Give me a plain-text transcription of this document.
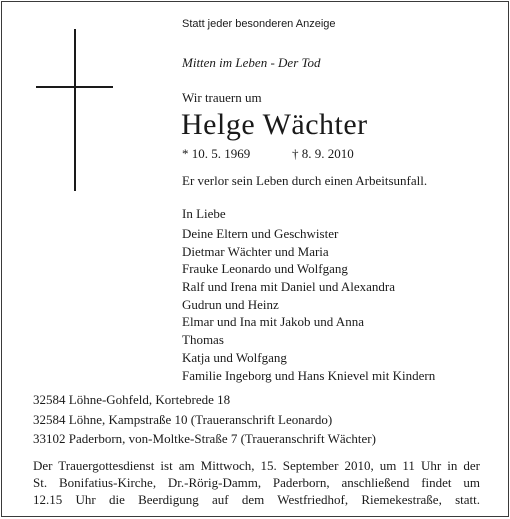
Statt jeder besonderen Anzeige
Mitten im Leben - Der Tod
Wir trauern um
Helge Wächter
* 10. 5. 1969	† 8. 9. 2010
Er verlor sein Leben durch einen Arbeitsunfall.
In Liebe
Deine Eltern und Geschwister
Dietmar Wächter und Maria
Frauke Leonardo und Wolfgang
Ralf und Irena mit Daniel und Alexandra
Gudrun und Heinz
Elmar und Ina mit Jakob und Anna
Thomas
Katja und Wolfgang
Familie Ingeborg und Hans Knievel mit Kindern
32584 Löhne-Gohfeld, Kortebrede 18
32584 Löhne, Kampstraße 10 (Traueranschrift Leonardo)
33102 Paderborn, von-Moltke-Straße 7 (Traueranschrift Wächter)
Der Trauergottesdienst ist am Mittwoch, 15. September 2010, um 11 Uhr in der
St. Bonifatius-Kirche, Dr.-Rörig-Damm, Paderborn, anschließend findet um
12.15 Uhr die Beerdigung auf dem Westfriedhof, Riemekestraße, statt.
